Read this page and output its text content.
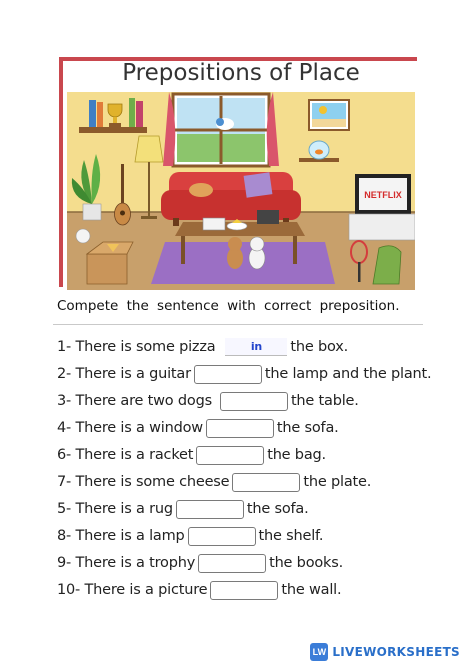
Prepositions of Place
NETFLIX
Compete the sentence with correct preposition.
1- There is some pizza	in	the box.
2- There is a guitar	the lamp and the plant.
3- There are two dogs	the table.
4- There is a window	the sofa.
6- There is a racket	the bag.
7- There is some cheese	the plate.
5- There is a rug	the sofa.
8- There is a lamp	the shelf.
9- There is a trophy	the books.
10- There is a picture	the wall.
LW LIVEWORKSHEETS
